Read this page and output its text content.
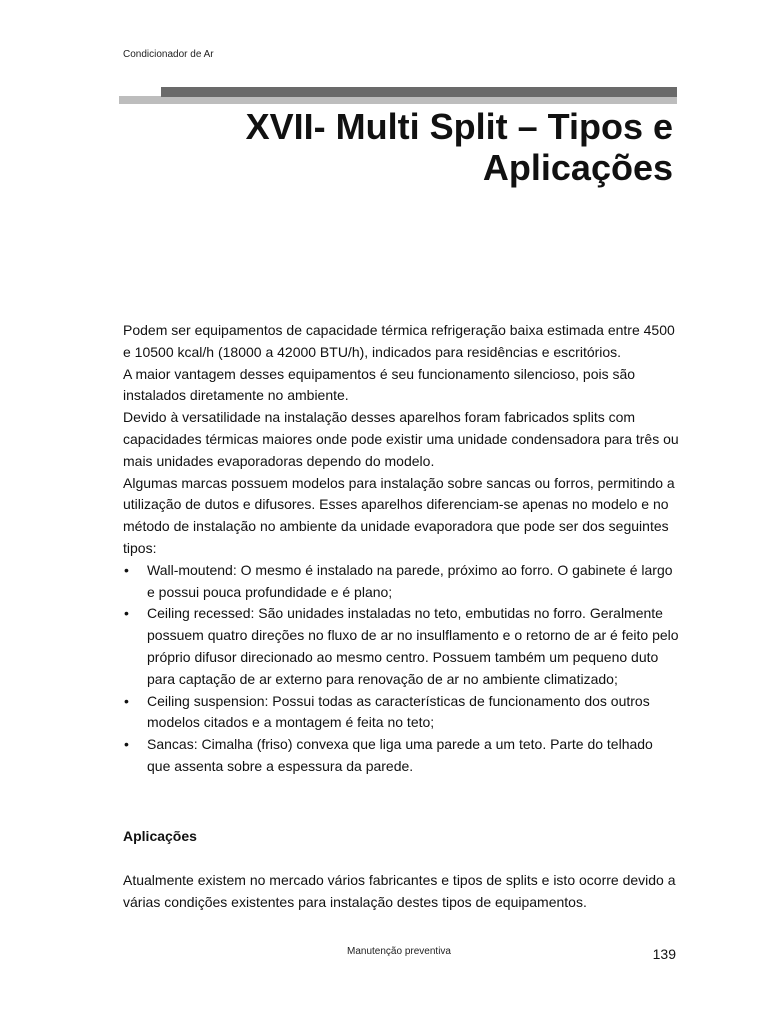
Condicionador de Ar
XVII- Multi Split – Tipos e Aplicações

Podem ser equipamentos de capacidade térmica refrigeração baixa estimada entre 4500 e 10500 kcal/h (18000 a 42000 BTU/h), indicados para residências e escritórios.

A maior vantagem desses equipamentos é seu funcionamento silencioso, pois são instalados diretamente no ambiente.

Devido à versatilidade na instalação desses aparelhos foram fabricados splits com capacidades térmicas maiores onde pode existir uma unidade condensadora para três ou mais unidades evaporadoras dependo do modelo.

Algumas marcas possuem modelos para instalação sobre sancas ou forros, permitindo a utilização de dutos e difusores. Esses aparelhos diferenciam-se apenas no modelo e no método de instalação no ambiente da unidade evaporadora que pode ser dos seguintes tipos:

• Wall-moutend: O mesmo é instalado na parede, próximo ao forro. O gabinete é largo e possui pouca profundidade e é plano;
• Ceiling recessed: São unidades instaladas no teto, embutidas no forro. Geralmente possuem quatro direções no fluxo de ar no insulflamento e o retorno de ar é feito pelo próprio difusor direcionado ao mesmo centro. Possuem também um pequeno duto para captação de ar externo para renovação de ar no ambiente climatizado;
• Ceiling suspension: Possui todas as características de funcionamento dos outros modelos citados e a montagem é feita no teto;
• Sancas: Cimalha (friso) convexa que liga uma parede a um teto. Parte do telhado que assenta sobre a espessura da parede.
Aplicações

Atualmente existem no mercado vários fabricantes e tipos de splits e isto ocorre devido a várias condições existentes para instalação destes tipos de equipamentos.

Manutenção preventiva	139
